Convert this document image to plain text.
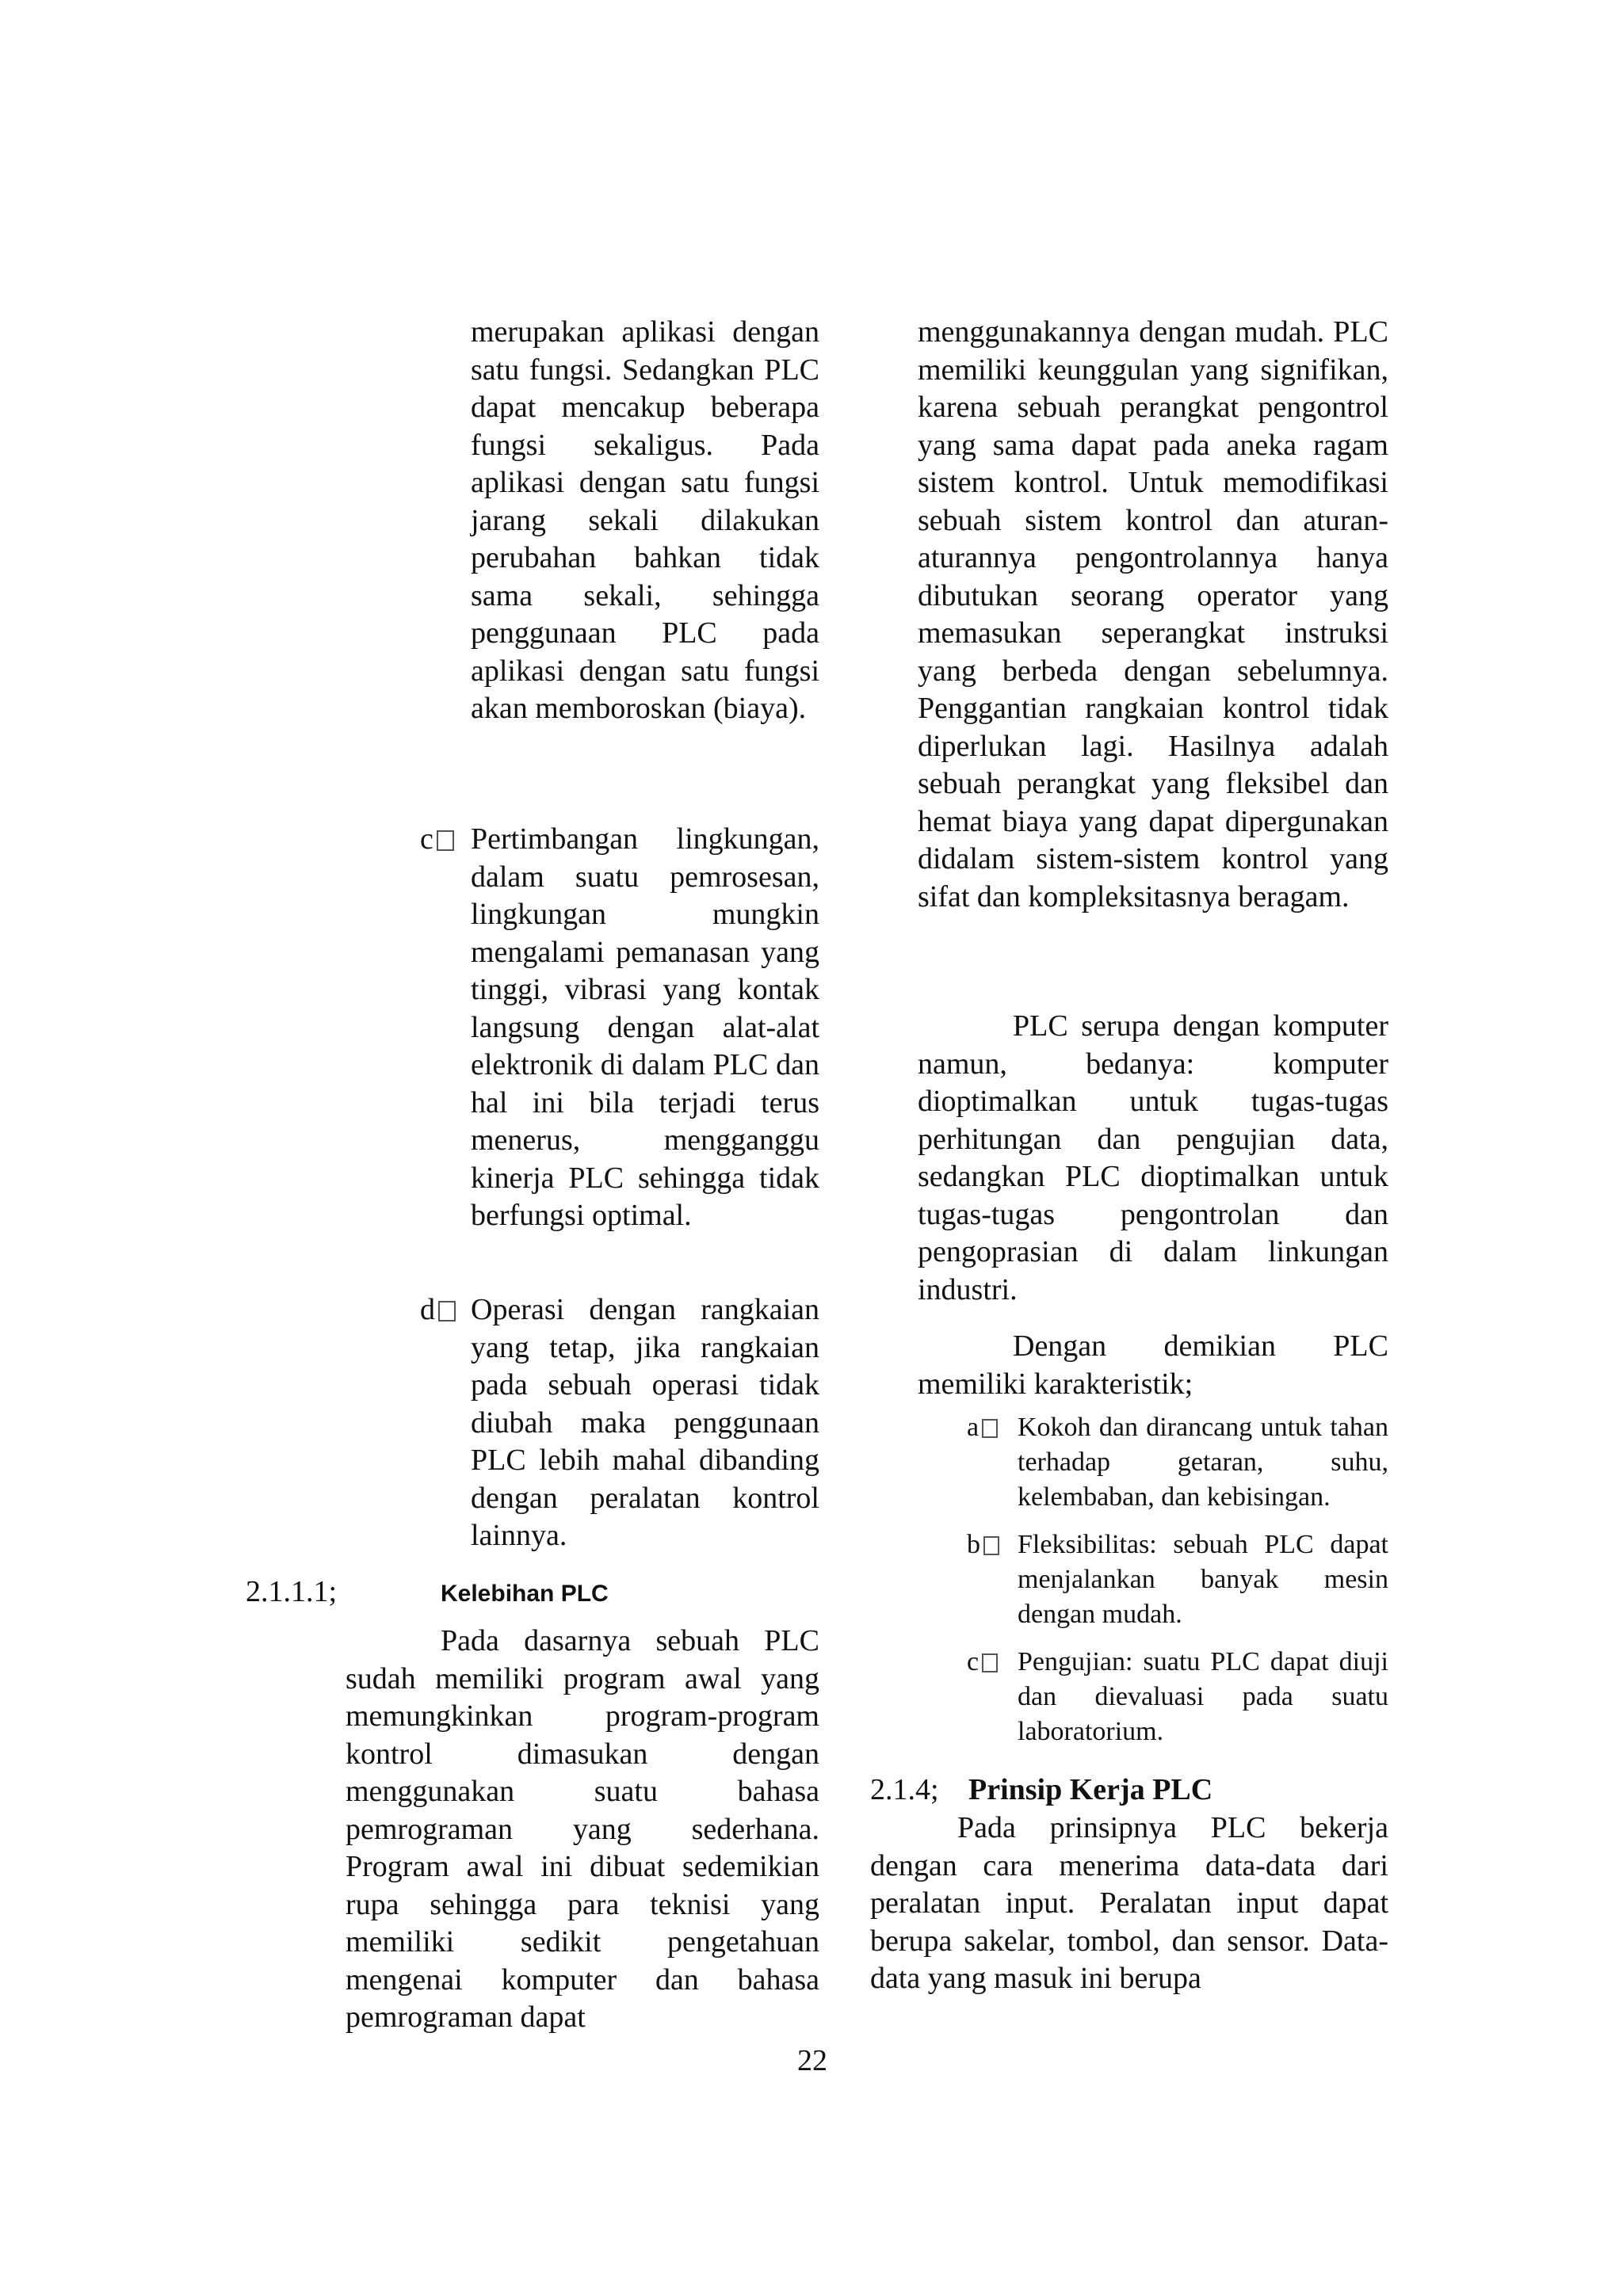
merupakan aplikasi dengan satu fungsi. Sedangkan PLC dapat mencakup beberapa fungsi sekaligus. Pada aplikasi dengan satu fungsi jarang sekali dilakukan perubahan bahkan tidak sama sekali, sehingga penggunaan PLC pada aplikasi dengan satu fungsi akan memboroskan (biaya).

c	Pertimbangan lingkungan, dalam suatu pemrosesan, lingkungan mungkin mengalami pemanasan yang tinggi, vibrasi yang kontak langsung dengan alat-alat elektronik di dalam PLC dan hal ini bila terjadi terus menerus, mengganggu kinerja PLC sehingga tidak berfungsi optimal.

d	Operasi dengan rangkaian yang tetap, jika rangkaian pada sebuah operasi tidak diubah maka penggunaan PLC lebih mahal dibanding dengan peralatan kontrol lainnya.

2.1.1.1;	Kelebihan PLC

Pada dasarnya sebuah PLC sudah memiliki program awal yang memungkinkan program-program kontrol dimasukan dengan menggunakan suatu bahasa pemrograman yang sederhana. Program awal ini dibuat sedemikian rupa sehingga para teknisi yang memiliki sedikit pengetahuan mengenai komputer dan bahasa pemrograman dapat

menggunakannya dengan mudah. PLC memiliki keunggulan yang signifikan, karena sebuah perangkat pengontrol yang sama dapat pada aneka ragam sistem kontrol. Untuk memodifikasi sebuah sistem kontrol dan aturan-aturannya pengontrolannya hanya dibutukan seorang operator yang memasukan seperangkat instruksi yang berbeda dengan sebelumnya. Penggantian rangkaian kontrol tidak diperlukan lagi. Hasilnya adalah sebuah perangkat yang fleksibel dan hemat biaya yang dapat dipergunakan didalam sistem-sistem kontrol yang sifat dan kompleksitasnya beragam.

PLC serupa dengan komputer namun, bedanya: komputer dioptimalkan untuk tugas-tugas perhitungan dan pengujian data, sedangkan PLC dioptimalkan untuk tugas-tugas pengontrolan dan pengoprasian di dalam linkungan industri.

Dengan demikian PLC memiliki karakteristik;

a	Kokoh dan dirancang untuk tahan terhadap getaran, suhu, kelembaban, dan kebisingan.

b	Fleksibilitas: sebuah PLC dapat menjalankan banyak mesin dengan mudah.

c	Pengujian: suatu PLC dapat diuji dan dievaluasi pada suatu laboratorium.

2.1.4; Prinsip Kerja PLC

Pada prinsipnya PLC bekerja dengan cara menerima data-data dari peralatan input. Peralatan input dapat berupa sakelar, tombol, dan sensor. Data-data yang masuk ini berupa

22
